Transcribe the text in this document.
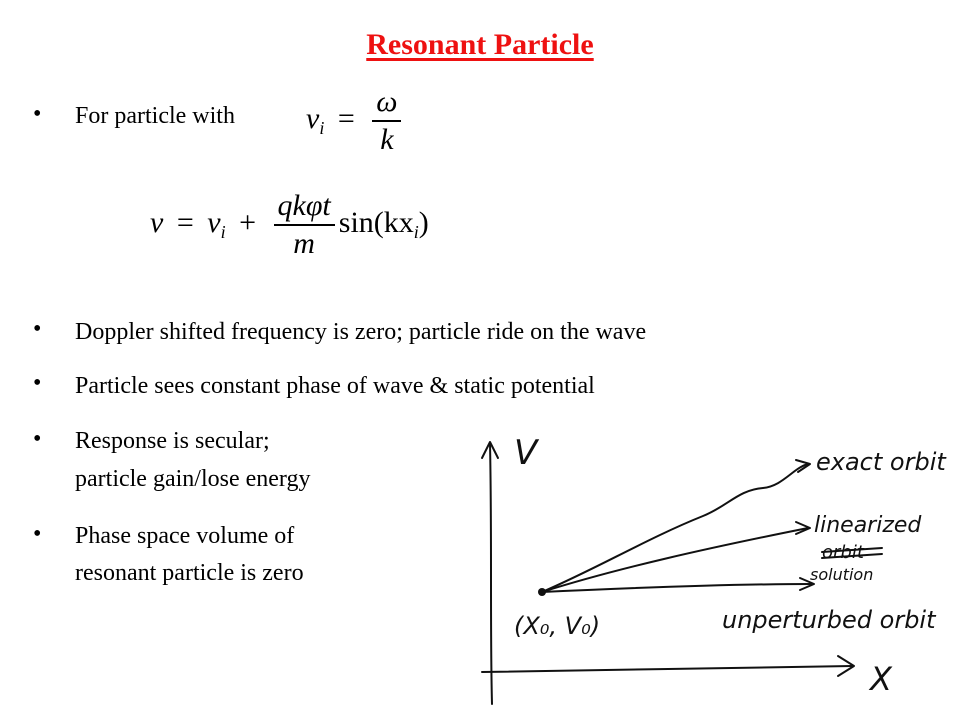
Resonant Particle
• For particle with $v_i = \frac{\omega}{k}$
$v = v_i + \frac{\text{qkφt}}{m} \sin(kx_i)$
• Doppler shifted frequency is zero; particle ride on the wave
• Particle sees constant phase of wave & static potential
• Response is secular;
particle gain/lose energy
• Phase space volume of
resonant particle is zero
V
X
exact orbit
linearized
orbit
solution
unperturbed orbit
(X₀, V₀)
